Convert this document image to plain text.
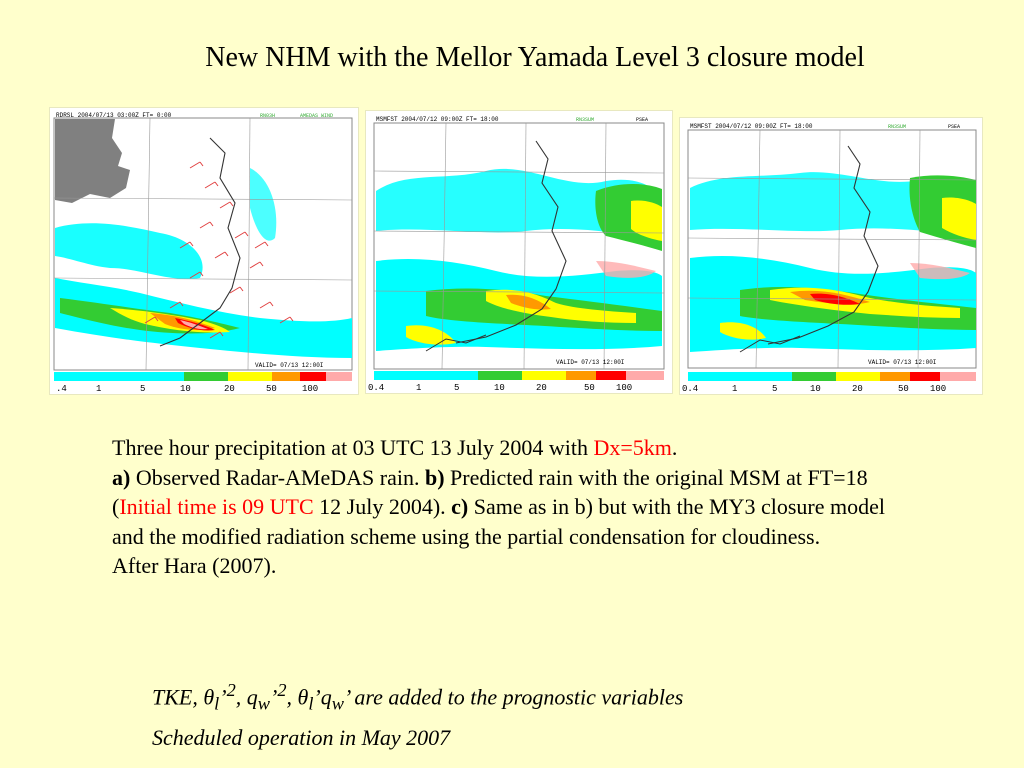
New NHM with the Mellor Yamada Level 3 closure model
RDRSL 2004/07/13 03:00Z FT= 0:00	RN03H	AMEDAS WIND
VALID= 07/13 12:00I
.4	1	5	10	20	50	100
MSMFST 2004/07/12 09:00Z FT= 18:00	RN3SUM	PSEA
VALID= 07/13 12:00I
0.4	1	5	10	20	50 100
MSMFST 2004/07/12 09:00Z FT= 18:00	RN3SUM	PSEA
VALID= 07/13 12:00I
0.4	1	5	10	20	50 100
Three hour precipitation at 03 UTC 13 July 2004 with Dx=5km.
a) Observed Radar-AMeDAS rain. b) Predicted rain with the original MSM at FT=18 (Initial time is 09 UTC 12 July 2004). c) Same as in b) but with the MY3 closure model and the modified radiation scheme using the partial condensation for cloudiness.
After Hara (2007).
TKE, $\theta_l’^2$, $q_w’^2$, $\theta_l’q_w$’ are added to the prognostic variables
Scheduled operation in May 2007
